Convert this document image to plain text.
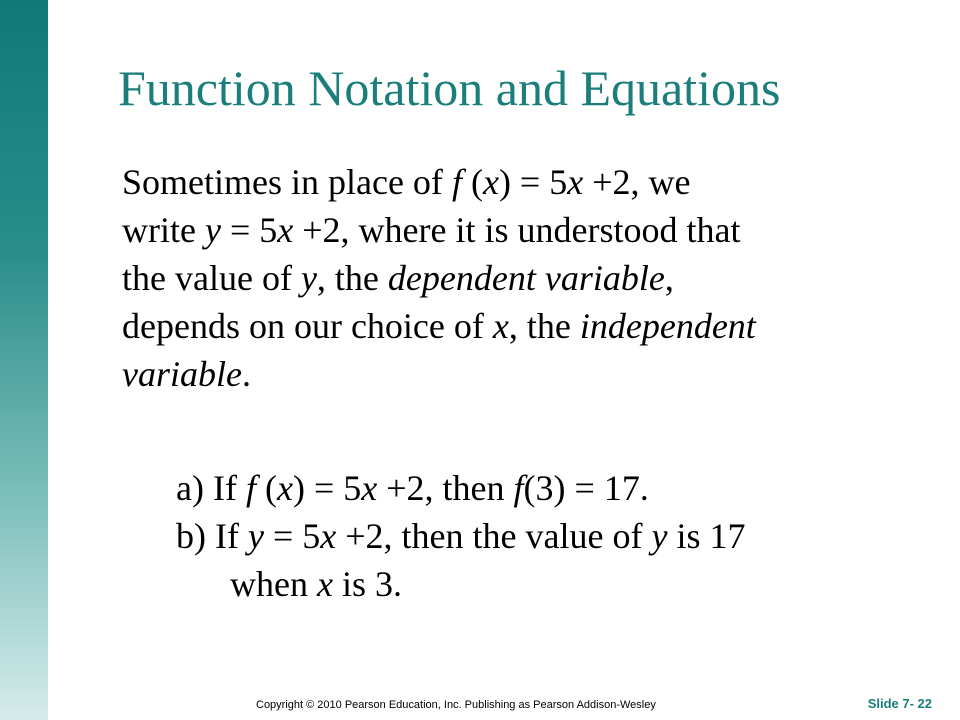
Function Notation and Equations
Sometimes in place of f (x) = 5x +2, we
write y = 5x +2, where it is understood that
the value of y, the dependent variable,
depends on our choice of x, the independent
variable.
a) If f (x) = 5x +2, then f(3) = 17.
b) If y = 5x +2, then the value of y is 17
when x is 3.
Copyright © 2010 Pearson Education, Inc. Publishing as Pearson Addison-Wesley	Slide 7- 22
